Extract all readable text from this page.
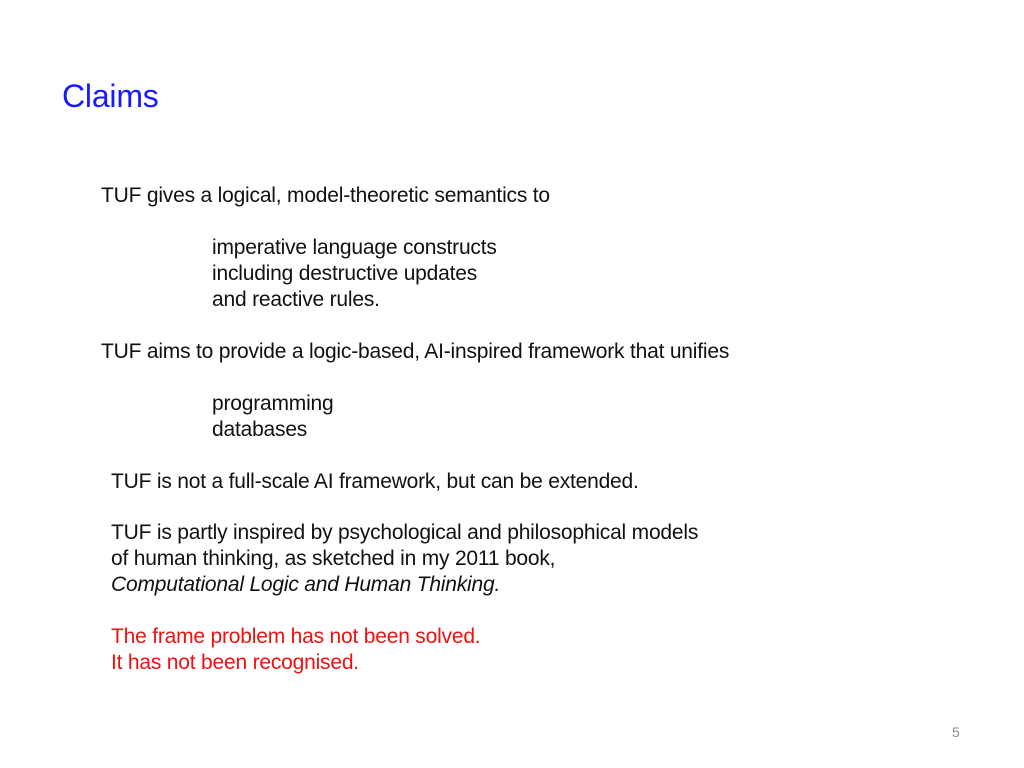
Claims
TUF gives a logical, model-theoretic semantics to
imperative language constructs
including destructive updates
and reactive rules.
TUF aims to provide a logic-based, AI-inspired framework that unifies
programming
databases
TUF is not a full-scale AI framework, but can be extended.
TUF is partly inspired by psychological and philosophical models
of human thinking, as sketched in my 2011 book,
Computational Logic and Human Thinking.
The frame problem has not been solved.
It has not been recognised.
5
